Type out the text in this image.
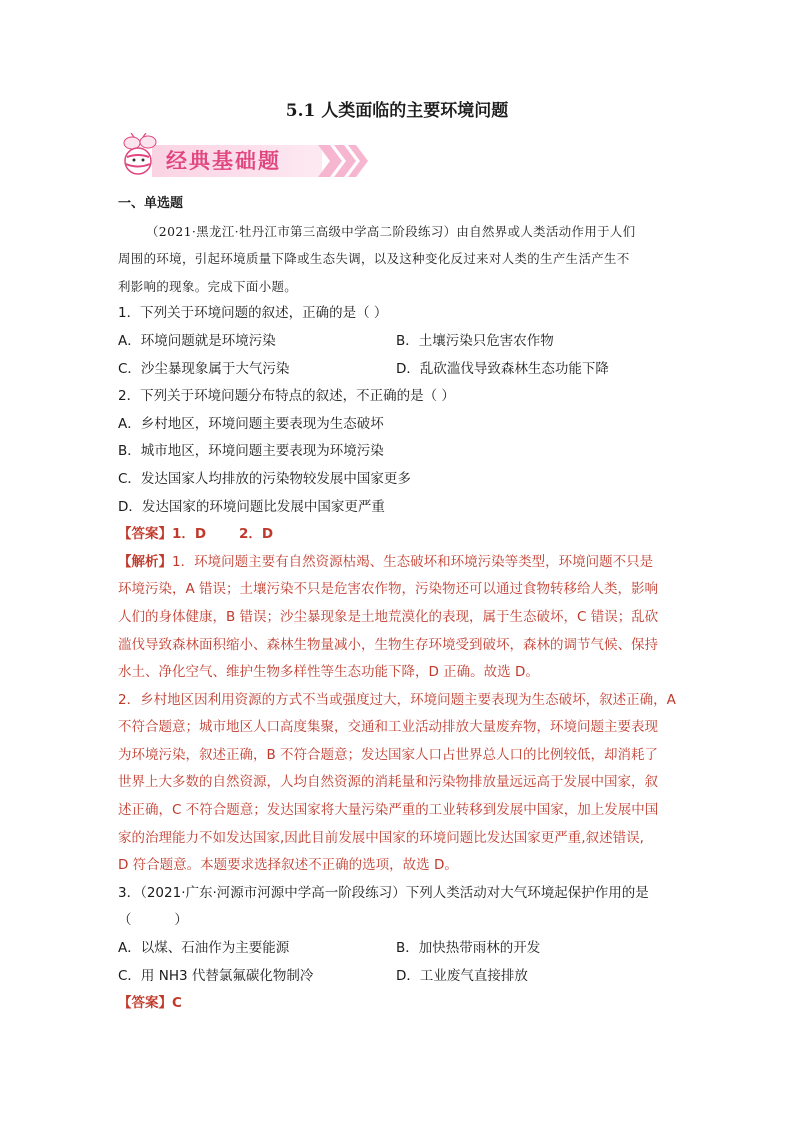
5.1 人类面临的主要环境问题
经典基础题
一、单选题
（2021·黑龙江·牡丹江市第三高级中学高二阶段练习）由自然界或人类活动作用于人们
周围的环境，引起环境质量下降或生态失调，以及这种变化反过来对人类的生产生活产生不
利影响的现象。完成下面小题。
1．下列关于环境问题的叙述，正确的是（ ）
A．环境问题就是环境污染	B．土壤污染只危害农作物
C．沙尘暴现象属于大气污染	D．乱砍滥伐导致森林生态功能下降
2．下列关于环境问题分布特点的叙述，不正确的是（ ）
A．乡村地区，环境问题主要表现为生态破坏
B．城市地区，环境问题主要表现为环境污染
C．发达国家人均排放的污染物较发展中国家更多
D．发达国家的环境问题比发展中国家更严重
【答案】1．D       2．D
【解析】1．环境问题主要有自然资源枯竭、生态破坏和环境污染等类型，环境问题不只是
环境污染，A 错误；土壤污染不只是危害农作物，污染物还可以通过食物转移给人类，影响
人们的身体健康，B 错误；沙尘暴现象是土地荒漠化的表现，属于生态破坏，C 错误；乱砍
滥伐导致森林面积缩小、森林生物量减小，生物生存环境受到破坏，森林的调节气候、保持
水土、净化空气、维护生物多样性等生态功能下降，D 正确。故选 D。
2．乡村地区因利用资源的方式不当或强度过大，环境问题主要表现为生态破坏，叙述正确，A
不符合题意；城市地区人口高度集聚，交通和工业活动排放大量废弃物，环境问题主要表现
为环境污染，叙述正确，B 不符合题意；发达国家人口占世界总人口的比例较低，却消耗了
世界上大多数的自然资源，人均自然资源的消耗量和污染物排放量远远高于发展中国家，叙
述正确，C 不符合题意；发达国家将大量污染严重的工业转移到发展中国家，加上发展中国
家的治理能力不如发达国家,因此目前发展中国家的环境问题比发达国家更严重,叙述错误,
D 符合题意。本题要求选择叙述不正确的选项，故选 D。
3．（2021·广东·河源市河源中学高一阶段练习）下列人类活动对大气环境起保护作用的是
（          ）
A．以煤、石油作为主要能源	B．加快热带雨林的开发
C．用 NH3 代替氯氟碳化物制冷	D．工业废气直接排放
【答案】C
